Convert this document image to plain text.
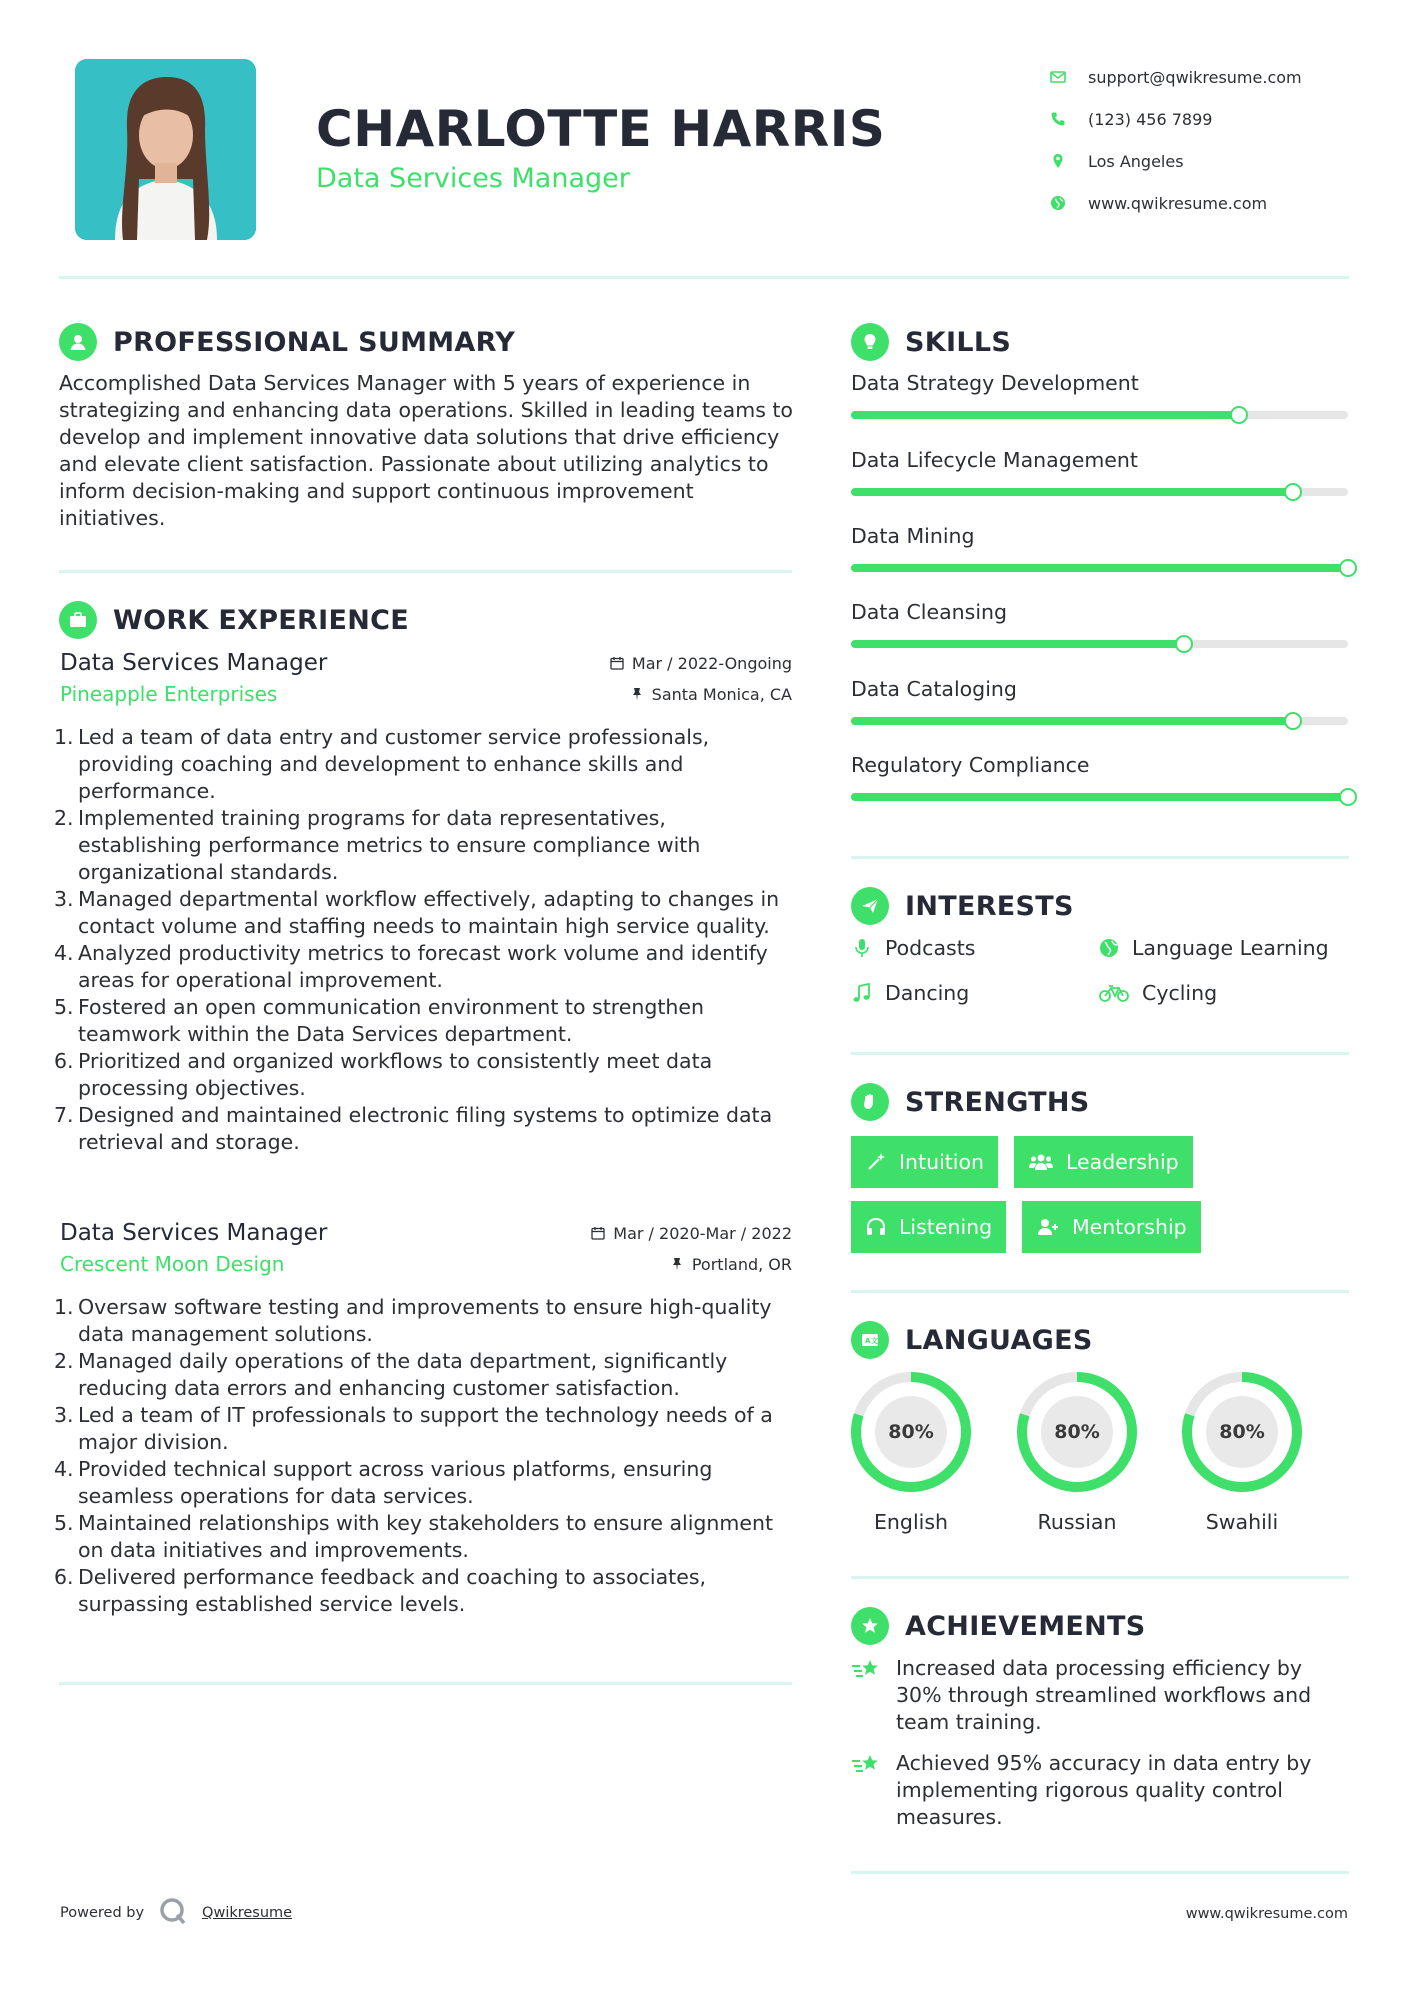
CHARLOTTE HARRIS
Data Services Manager
support@qwikresume.com
(123) 456 7899
Los Angeles
www.qwikresume.com
PROFESSIONAL SUMMARY
Accomplished Data Services Manager with 5 years of experience in strategizing and enhancing data operations. Skilled in leading teams to develop and implement innovative data solutions that drive efficiency and elevate client satisfaction. Passionate about utilizing analytics to inform decision-making and support continuous improvement initiatives.
WORK EXPERIENCE
Data Services Manager	Mar / 2022-Ongoing
Pineapple Enterprises	Santa Monica, CA
1. Led a team of data entry and customer service professionals, providing coaching and development to enhance skills and performance.
2. Implemented training programs for data representatives, establishing performance metrics to ensure compliance with organizational standards.
3. Managed departmental workflow effectively, adapting to changes in contact volume and staffing needs to maintain high service quality.
4. Analyzed productivity metrics to forecast work volume and identify areas for operational improvement.
5. Fostered an open communication environment to strengthen teamwork within the Data Services department.
6. Prioritized and organized workflows to consistently meet data processing objectives.
7. Designed and maintained electronic filing systems to optimize data retrieval and storage.
Data Services Manager	Mar / 2020-Mar / 2022
Crescent Moon Design	Portland, OR
1. Oversaw software testing and improvements to ensure high-quality data management solutions.
2. Managed daily operations of the data department, significantly reducing data errors and enhancing customer satisfaction.
3. Led a team of IT professionals to support the technology needs of a major division.
4. Provided technical support across various platforms, ensuring seamless operations for data services.
5. Maintained relationships with key stakeholders to ensure alignment on data initiatives and improvements.
6. Delivered performance feedback and coaching to associates, surpassing established service levels.
SKILLS
Data Strategy Development
Data Lifecycle Management
Data Mining
Data Cleansing
Data Cataloging
Regulatory Compliance
INTERESTS
Podcasts	Language Learning
Dancing	Cycling
STRENGTHS
Intuition	Leadership
Listening	Mentorship
A 文 LANGUAGES
80%
English
80%
Russian
80%
Swahili
ACHIEVEMENTS
Increased data processing efficiency by 30% through streamlined workflows and team training.
Achieved 95% accuracy in data entry by implementing rigorous quality control measures.
Powered by	Qwikresume	www.qwikresume.com
